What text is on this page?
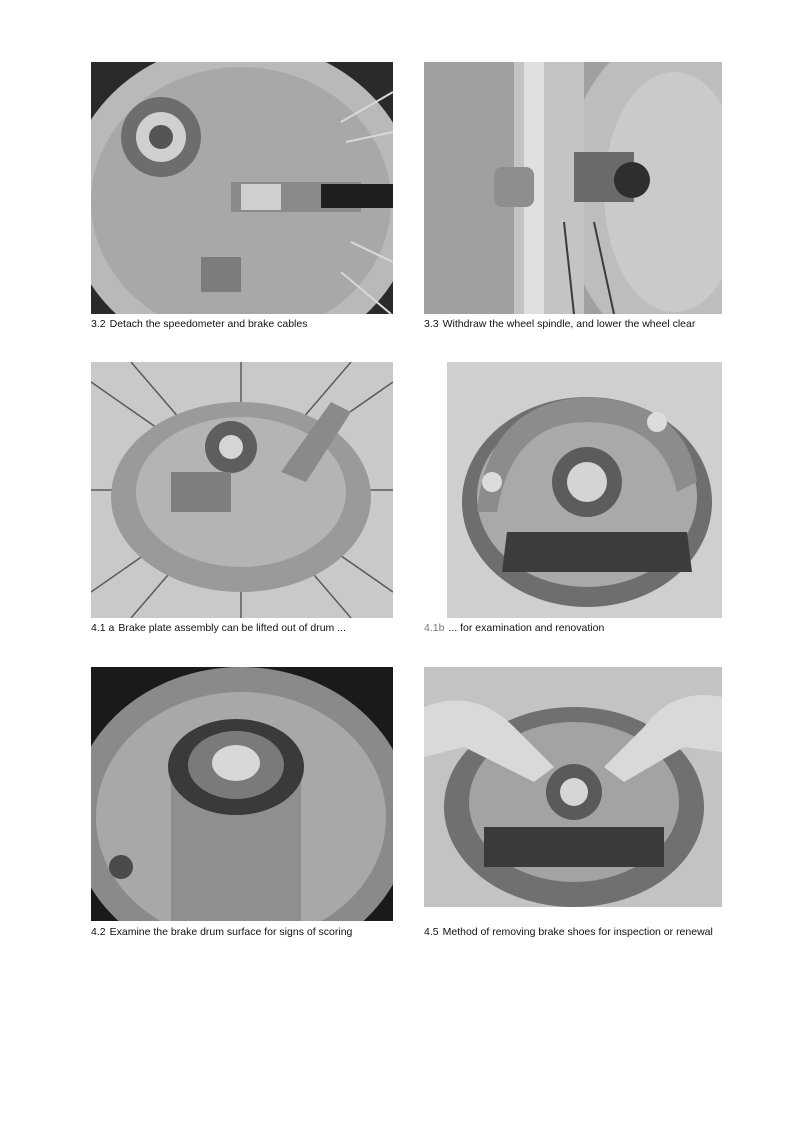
3.2 Detach the speedometer and brake cables	3.3 Withdraw the wheel spindle, and lower the wheel clear
4.1 a Brake plate assembly can be lifted out of drum ...	4.1b ... for examination and renovation
4.2 Examine the brake drum surface for signs of scoring	4.5 Method of removing brake shoes for inspection or renewal
